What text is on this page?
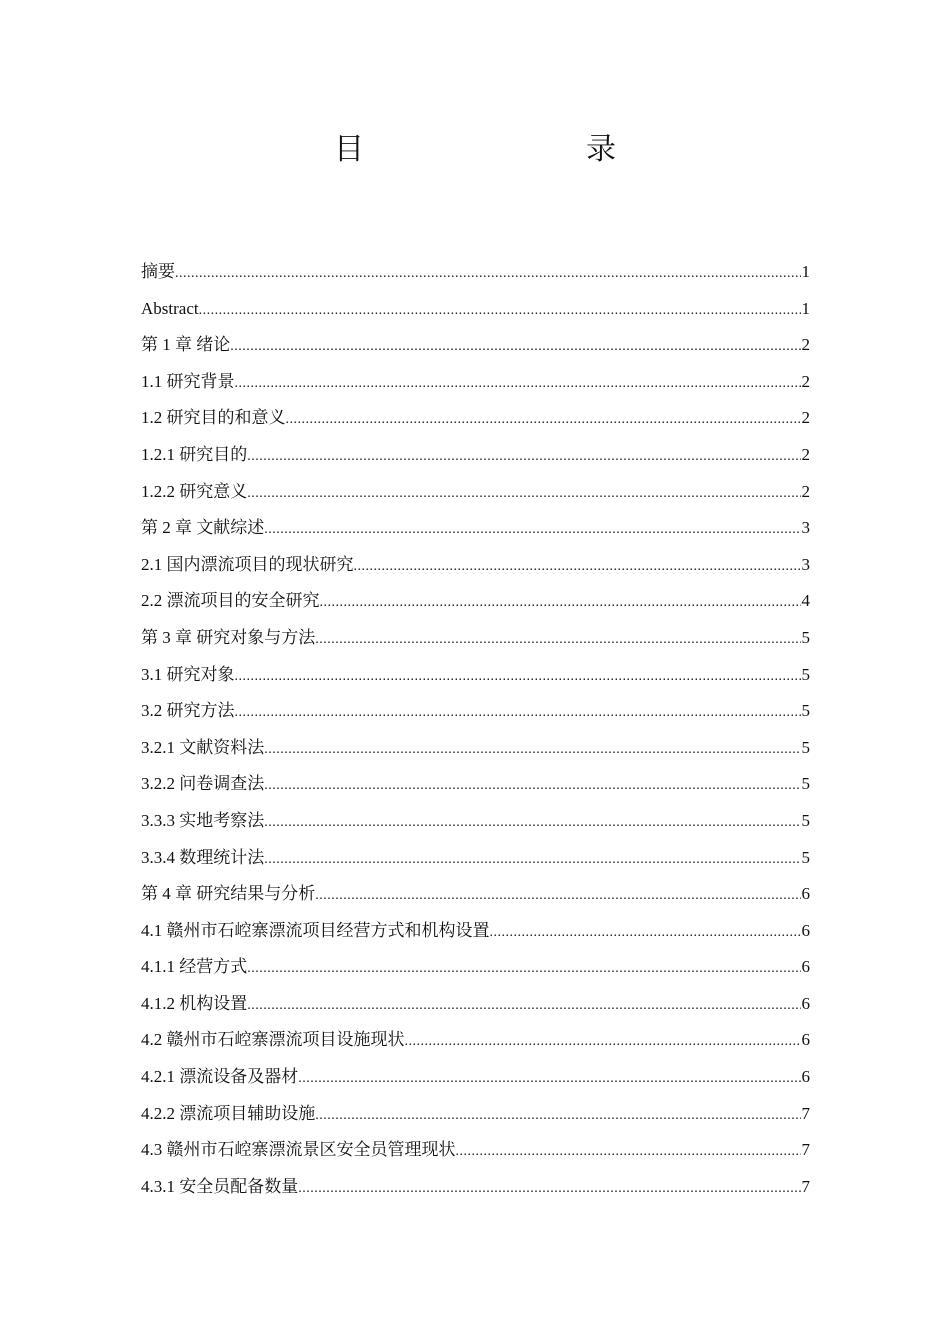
目　　录
摘要 .....	1
Abstract .....	1
第 1 章 绪论 .....	2
1.1 研究背景 .....	2
1.2 研究目的和意义 .....	2
1.2.1 研究目的 .....	2
1.2.2 研究意义 .....	2
第 2 章 文献综述 .....	3
2.1 国内漂流项目的现状研究 .....	3
2.2 漂流项目的安全研究 .....	4
第 3 章 研究对象与方法 .....	5
3.1 研究对象 .....	5
3.2 研究方法 .....	5
3.2.1 文献资料法 .....	5
3.2.2 问卷调查法 .....	5
3.3.3 实地考察法 .....	5
3.3.4 数理统计法 .....	5
第 4 章 研究结果与分析 .....	6
4.1 赣州市石崆寨漂流项目经营方式和机构设置 .....	6
4.1.1 经营方式 .....	6
4.1.2 机构设置 .....	6
4.2 赣州市石崆寨漂流项目设施现状 .....	6
4.2.1 漂流设备及器材 .....	6
4.2.2 漂流项目辅助设施 .....	7
4.3 赣州市石崆寨漂流景区安全员管理现状 .....	7
4.3.1 安全员配备数量 .....	7
